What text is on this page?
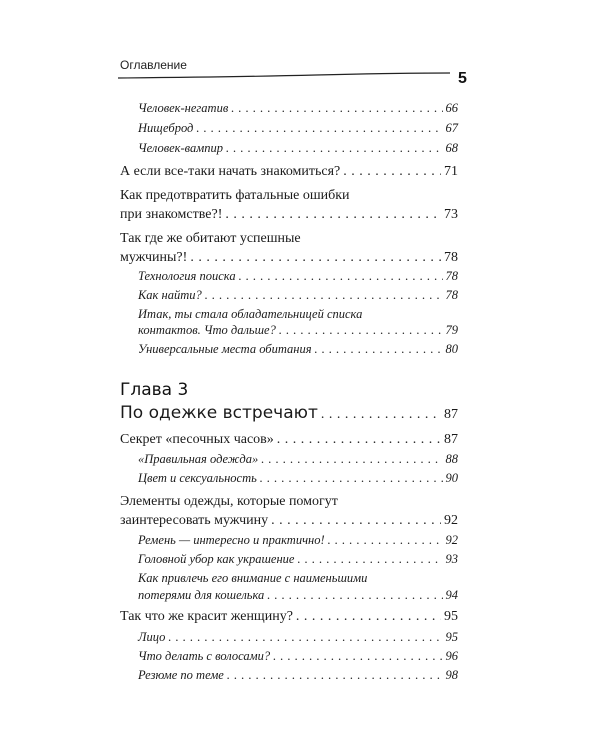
Оглавление
5
Человек-негатив . . .	66
Нищеброд . . .	67
Человек-вампир . . .	68
А если все-таки начать знакомиться? . . .	71
Как предотвратить фатальные ошибки
при знакомстве?! . . .	73
Так где же обитают успешные
мужчины?! . . .	78
Технология поиска . . .	78
Как найти? . . .	78
Итак, ты стала обладательницей списка
контактов. Что дальше? . . .	79
Универсальные места обитания . . .	80
Глава 3
По одежке встречают . . .	87
Секрет «песочных часов» . . .	87
«Правильная одежда» . . .	88
Цвет и сексуальность . . .	90
Элементы одежды, которые помогут
заинтересовать мужчину . . .	92
Ремень — интересно и практично! . . .	92
Головной убор как украшение . . .	93
Как привлечь его внимание с наименьшими
потерями для кошелька . . .	94
Так что же красит женщину? . . .	95
Лицо . . .	95
Что делать с волосами? . . .	96
Резюме по теме . . .	98
